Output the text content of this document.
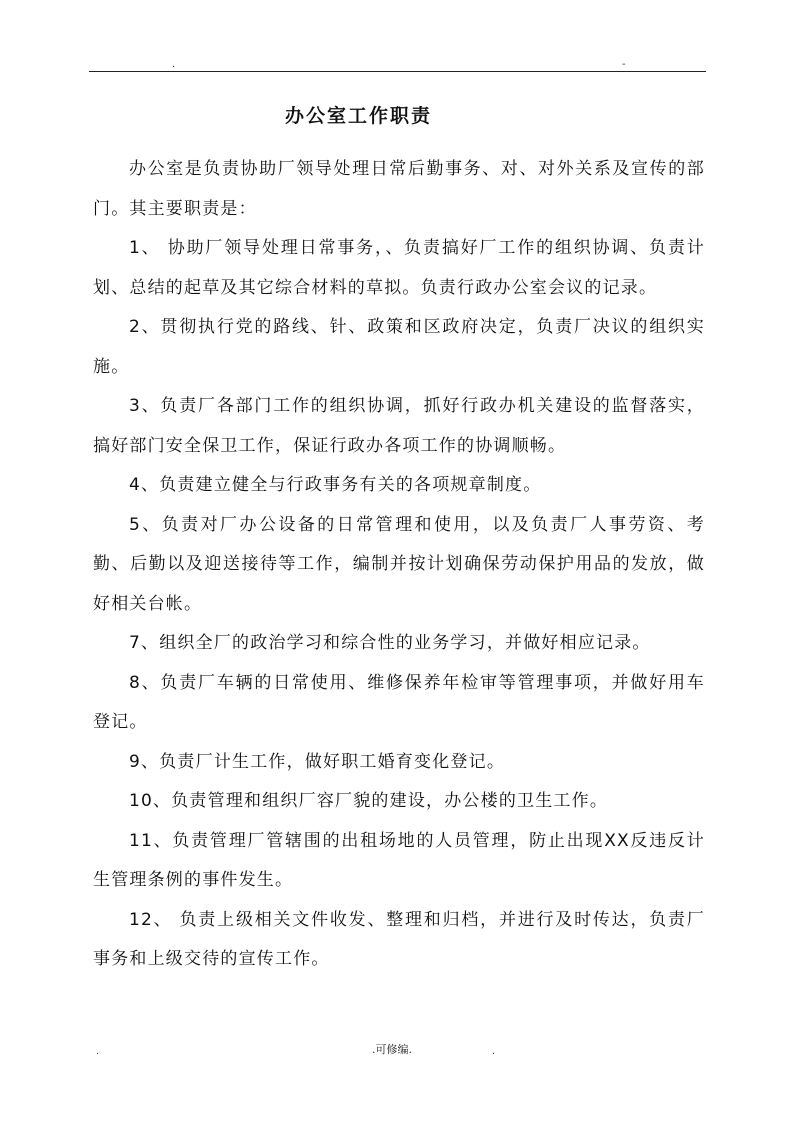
.	-
办公室工作职责

办公室是负责协助厂领导处理日常后勤事务、对、对外关系及宣传的部门。其主要职责是：

1、 协助厂领导处理日常事务，、负责搞好厂工作的组织协调、负责计划、总结的起草及其它综合材料的草拟。负责行政办公室会议的记录。

2、贯彻执行党的路线、针、政策和区政府决定，负责厂决议的组织实施。

3、负责厂各部门工作的组织协调，抓好行政办机关建设的监督落实，搞好部门安全保卫工作，保证行政办各项工作的协调顺畅。

4、负责建立健全与行政事务有关的各项规章制度。

5、负责对厂办公设备的日常管理和使用，以及负责厂人事劳资、考勤、后勤以及迎送接待等工作，编制并按计划确保劳动保护用品的发放，做好相关台帐。

7、组织全厂的政治学习和综合性的业务学习，并做好相应记录。

8、负责厂车辆的日常使用、维修保养年检审等管理事项，并做好用车登记。

9、负责厂计生工作，做好职工婚育变化登记。

10、负责管理和组织厂容厂貌的建设，办公楼的卫生工作。

11、负责管理厂管辖围的出租场地的人员管理，防止出现XX反违反计生管理条例的事件发生。

12、 负责上级相关文件收发、整理和归档，并进行及时传达，负责厂事务和上级交待的宣传工作。

.	.可修编.	.
